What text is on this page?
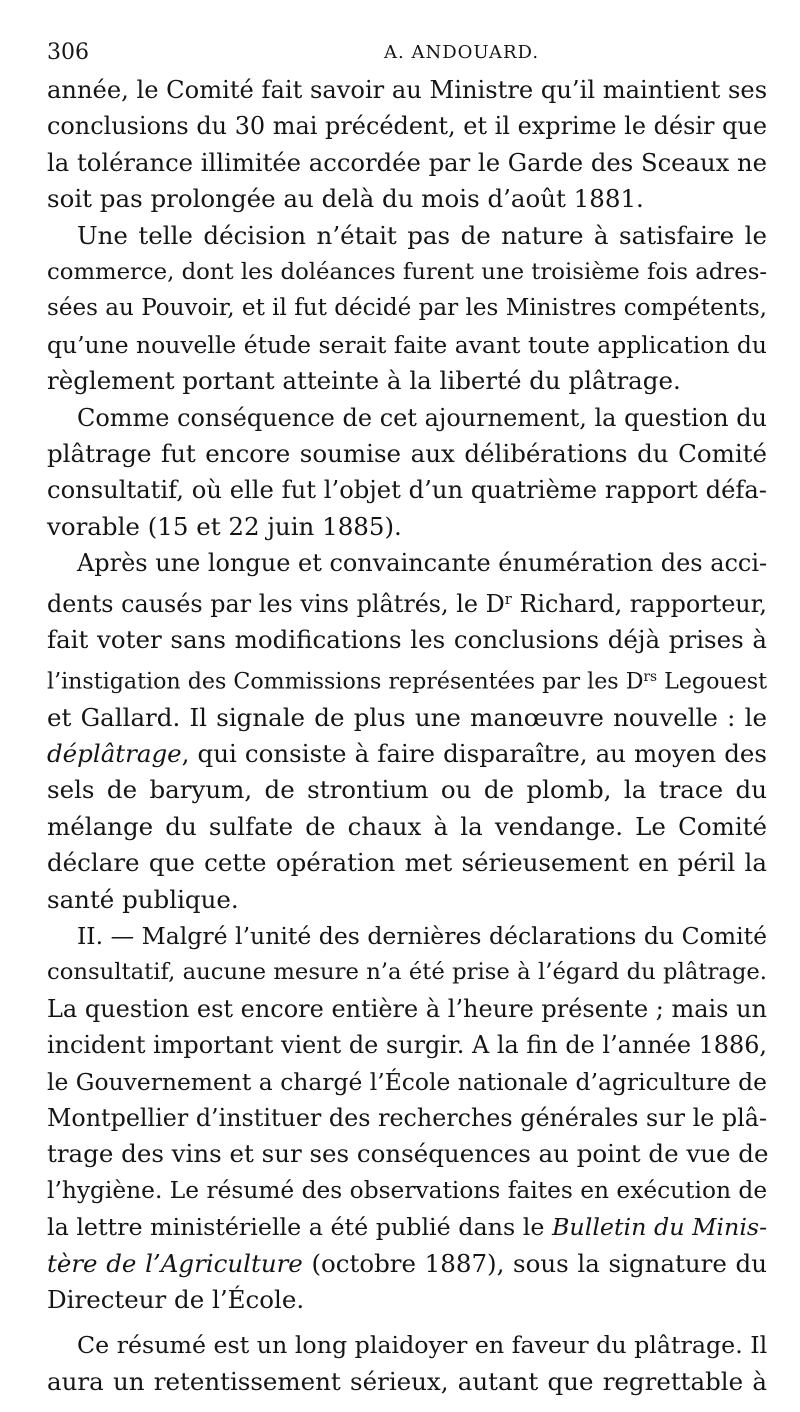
306	A. ANDOUARD.

année, le Comité fait savoir au Ministre qu’il maintient ses
conclusions du 30 mai précédent, et il exprime le désir que
la tolérance illimitée accordée par le Garde des Sceaux ne
soit pas prolongée au delà du mois d’août 1881.

Une telle décision n’était pas de nature à satisfaire le
commerce, dont les doléances furent une troisième fois adres-
sées au Pouvoir, et il fut décidé par les Ministres compétents,
qu’une nouvelle étude serait faite avant toute application du
règlement portant atteinte à la liberté du plâtrage.

Comme conséquence de cet ajournement, la question du
plâtrage fut encore soumise aux délibérations du Comité
consultatif, où elle fut l’objet d’un quatrième rapport défa-
vorable (15 et 22 juin 1885).

Après une longue et convaincante énumération des acci-
dents causés par les vins plâtrés, le $D^r$ Richard, rapporteur,
fait voter sans modifications les conclusions déjà prises à
l’instigation des Commissions représentées par les $D^{rs}$ Legouest
et Gallard. Il signale de plus une manœuvre nouvelle : le
déplâtrage, qui consiste à faire disparaître, au moyen des
sels de baryum, de strontium ou de plomb, la trace du
mélange du sulfate de chaux à la vendange. Le Comité
déclare que cette opération met sérieusement en péril la
santé publique.

II. — Malgré l’unité des dernières déclarations du Comité
consultatif, aucune mesure n’a été prise à l’égard du plâtrage.
La question est encore entière à l’heure présente ; mais un
incident important vient de surgir. A la fin de l’année 1886,
le Gouvernement a chargé l’École nationale d’agriculture de
Montpellier d’instituer des recherches générales sur le plâ-
trage des vins et sur ses conséquences au point de vue de
l’hygiène. Le résumé des observations faites en exécution de
la lettre ministérielle a été publié dans le Bulletin du Minis-
tère de l’Agriculture (octobre 1887), sous la signature du
Directeur de l’École.

Ce résumé est un long plaidoyer en faveur du plâtrage. Il
aura un retentissement sérieux, autant que regrettable à
